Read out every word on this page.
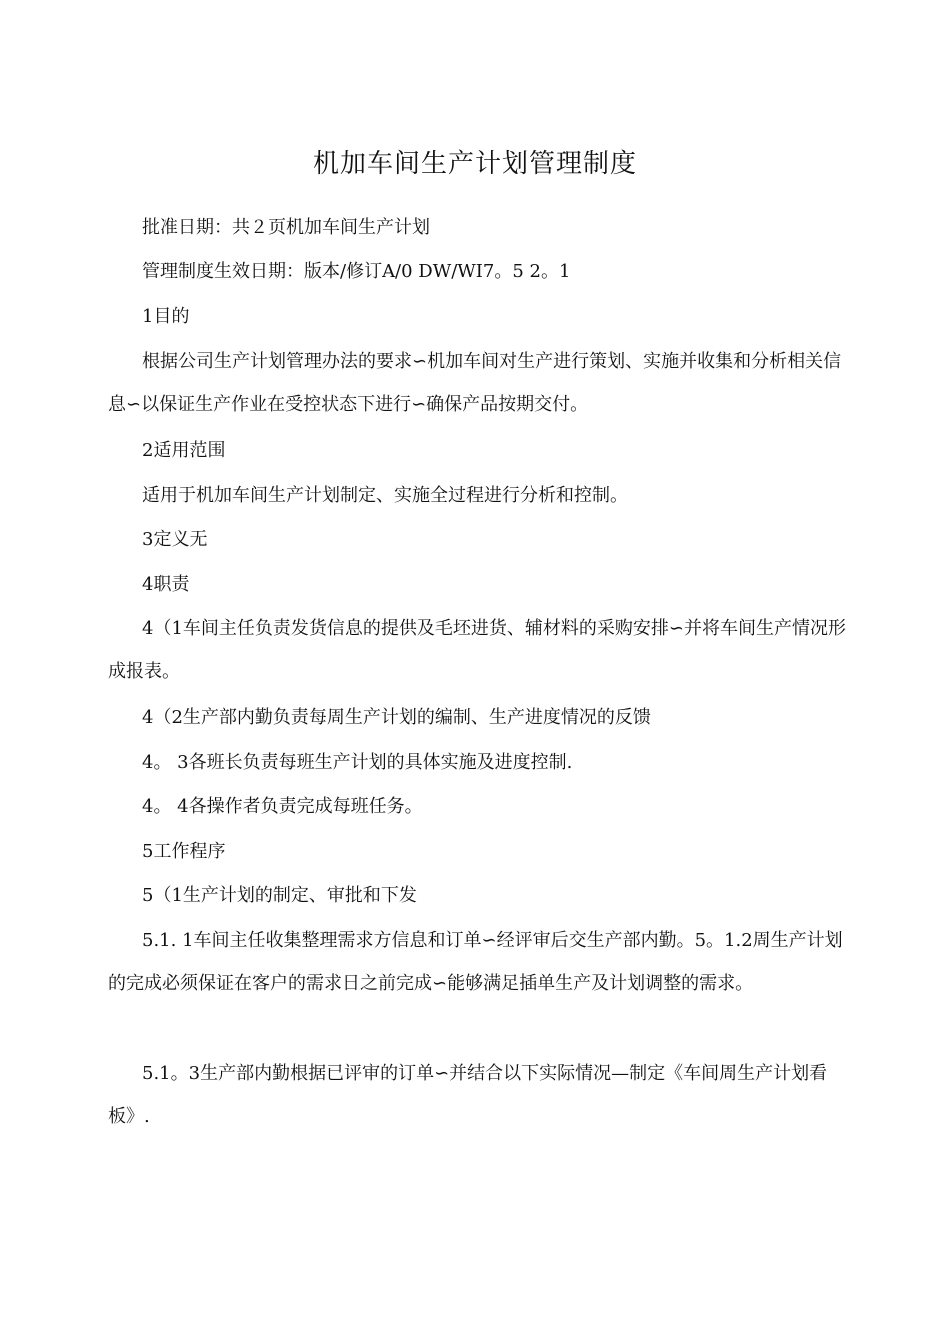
机加车间生产计划管理制度

批准日期：共２页机加车间生产计划

管理制度生效日期：版本/修订A/0 DW/WI7。5 2。1

1目的

根据公司生产计划管理办法的要求∽机加车间对生产进行策划、实施并收集和分析相关信息∽以保证生产作业在受控状态下进行∽确保产品按期交付。

2适用范围

适用于机加车间生产计划制定、实施全过程进行分析和控制。

3定义无

4职责

4（1车间主任负责发货信息的提供及毛坯进货、辅材料的采购安排∽并将车间生产情况形成报表。

4（2生产部内勤负责每周生产计划的编制、生产进度情况的反馈

4。 3各班长负责每班生产计划的具体实施及进度控制.

4。 4各操作者负责完成每班任务。

5工作程序

5（1生产计划的制定、审批和下发

5.1. 1车间主任收集整理需求方信息和订单∽经评审后交生产部内勤。5。1.2周生产计划的完成必须保证在客户的需求日之前完成∽能够满足插单生产及计划调整的需求。

5.1。3生产部内勤根据已评审的订单∽并结合以下实际情况—制定《车间周生产计划看板》.
